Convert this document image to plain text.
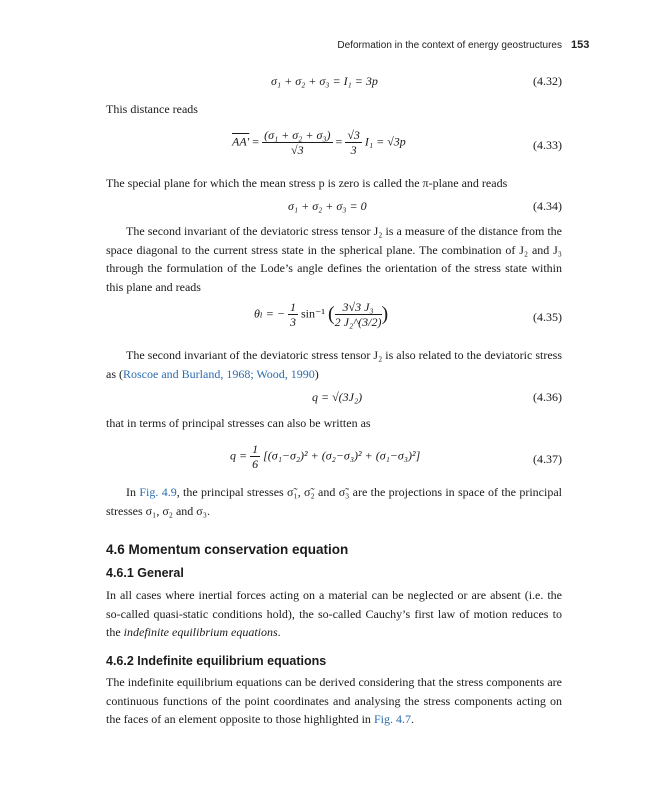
Deformation in the context of energy geostructures 153
σ₁ + σ₂ + σ₃ = I₁ = 3p	(4.32)
This distance reads
$AA' = \frac{\text{(σ₁ + σ₂ + σ₃)}}{√3} = \frac{√3}{3} I_1 = √3p$	(4.33)
The special plane for which the mean stress p is zero is called the π-plane and reads
σ₁ + σ₂ + σ₃ = 0	(4.34)
The second invariant of the deviatoric stress tensor J₂ is a measure of the distance from the space diagonal to the current stress state in the spherical plane. The combination of J₂ and J₃ through the formulation of the Lode’s angle defines the orientation of the stress state within this plane and reads
θₗ = − $\frac{1}{3} \sin^{-1}$ ( $\frac{\text{3√3 J₃}}{\text{2 J₂\textasciicircum{}(3/2)}}$ )	(4.35)
The second invariant of the deviatoric stress tensor J₂ is also related to the deviatoric stress as (Roscoe and Burland, 1968; Wood, 1990)
q = √(3J₂)	(4.36)
that in terms of principal stresses can also be written as
$q = \frac{1}{6} [(\sigma_1-\sigma_2)^2 + (\sigma_2-\sigma_3)^2 + (\sigma_1-\sigma_3)^2]$	(4.37)
In Fig. 4.9, the principal stresses σ̃₁, σ̃₂ and σ̃₃ are the projections in space of the principal stresses σ₁, σ₂ and σ₃.
4.6 Momentum conservation equation
4.6.1 General
In all cases where inertial forces acting on a material can be neglected or are absent (i.e. the so-called quasi-static conditions hold), the so-called Cauchy’s first law of motion reduces to the indefinite equilibrium equations.
4.6.2 Indefinite equilibrium equations
The indefinite equilibrium equations can be derived considering that the stress components are continuous functions of the point coordinates and analysing the stress components acting on the faces of an element opposite to those highlighted in Fig. 4.7.
